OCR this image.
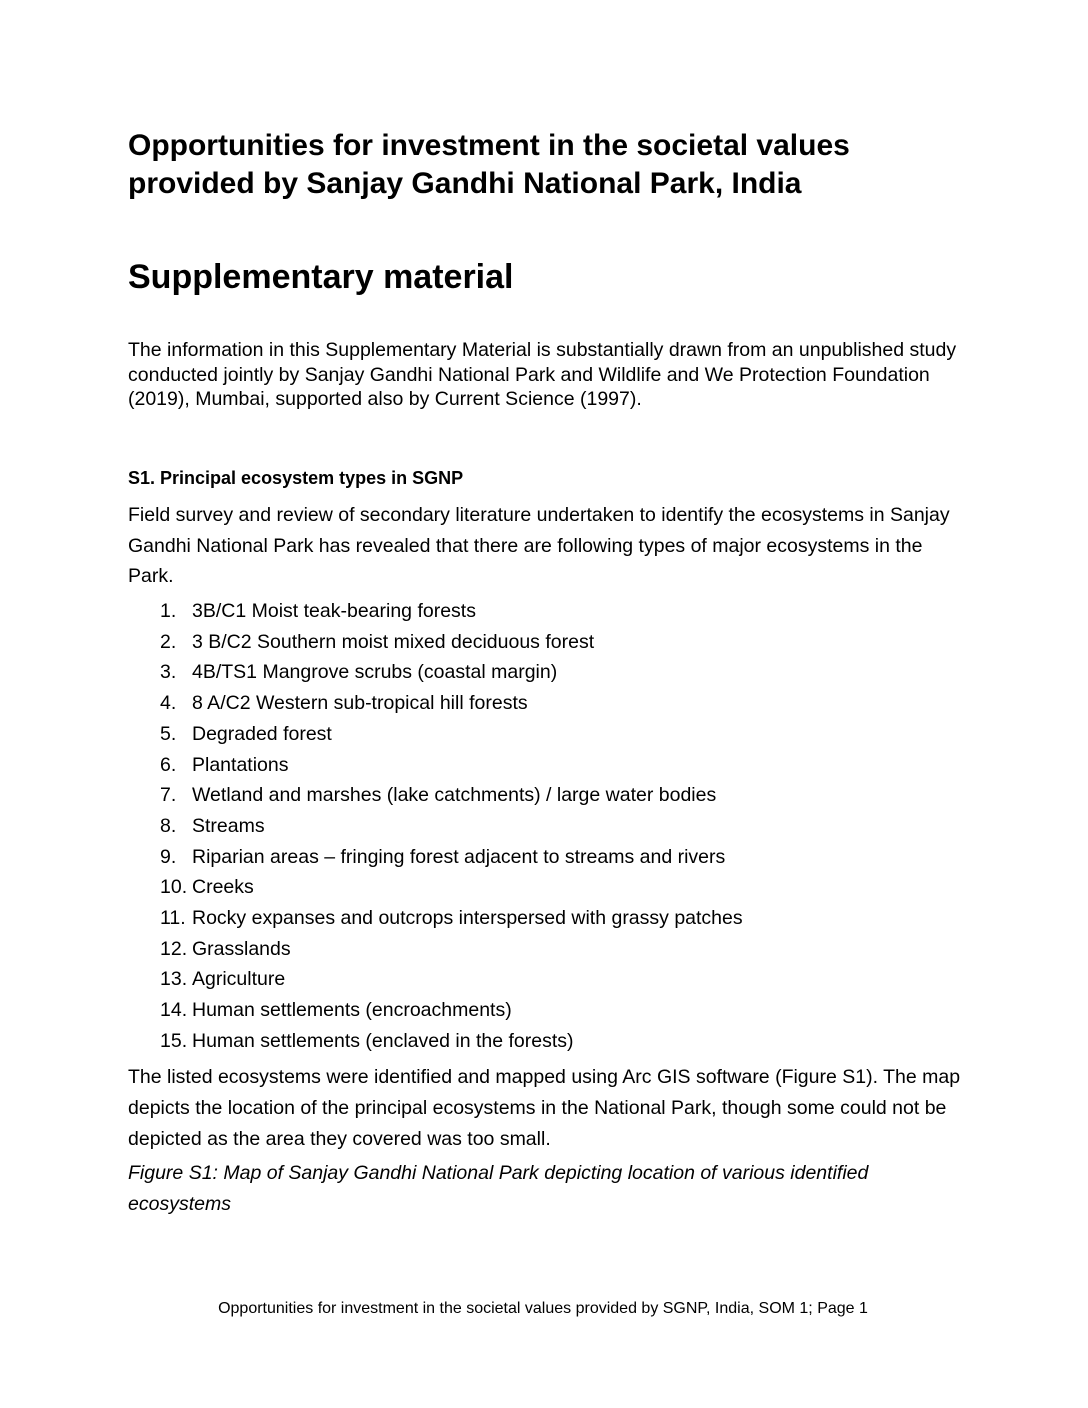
Opportunities for investment in the societal values provided by Sanjay Gandhi National Park, India
Supplementary material

The information in this Supplementary Material is substantially drawn from an unpublished study conducted jointly by Sanjay Gandhi National Park and Wildlife and We Protection Foundation (2019), Mumbai, supported also by Current Science (1997).

S1. Principal ecosystem types in SGNP

Field survey and review of secondary literature undertaken to identify the ecosystems in Sanjay Gandhi National Park has revealed that there are following types of major ecosystems in the Park.

1. 3B/C1 Moist teak-bearing forests
2. 3 B/C2 Southern moist mixed deciduous forest
3. 4B/TS1 Mangrove scrubs (coastal margin)
4. 8 A/C2 Western sub-tropical hill forests
5. Degraded forest
6. Plantations
7. Wetland and marshes (lake catchments) / large water bodies
8. Streams
9. Riparian areas – fringing forest adjacent to streams and rivers
10. Creeks
11. Rocky expanses and outcrops interspersed with grassy patches
12. Grasslands
13. Agriculture
14. Human settlements (encroachments)
15. Human settlements (enclaved in the forests)

The listed ecosystems were identified and mapped using Arc GIS software (Figure S1). The map depicts the location of the principal ecosystems in the National Park, though some could not be depicted as the area they covered was too small.

Figure S1: Map of Sanjay Gandhi National Park depicting location of various identified ecosystems

Opportunities for investment in the societal values provided by SGNP, India, SOM 1; Page 1
